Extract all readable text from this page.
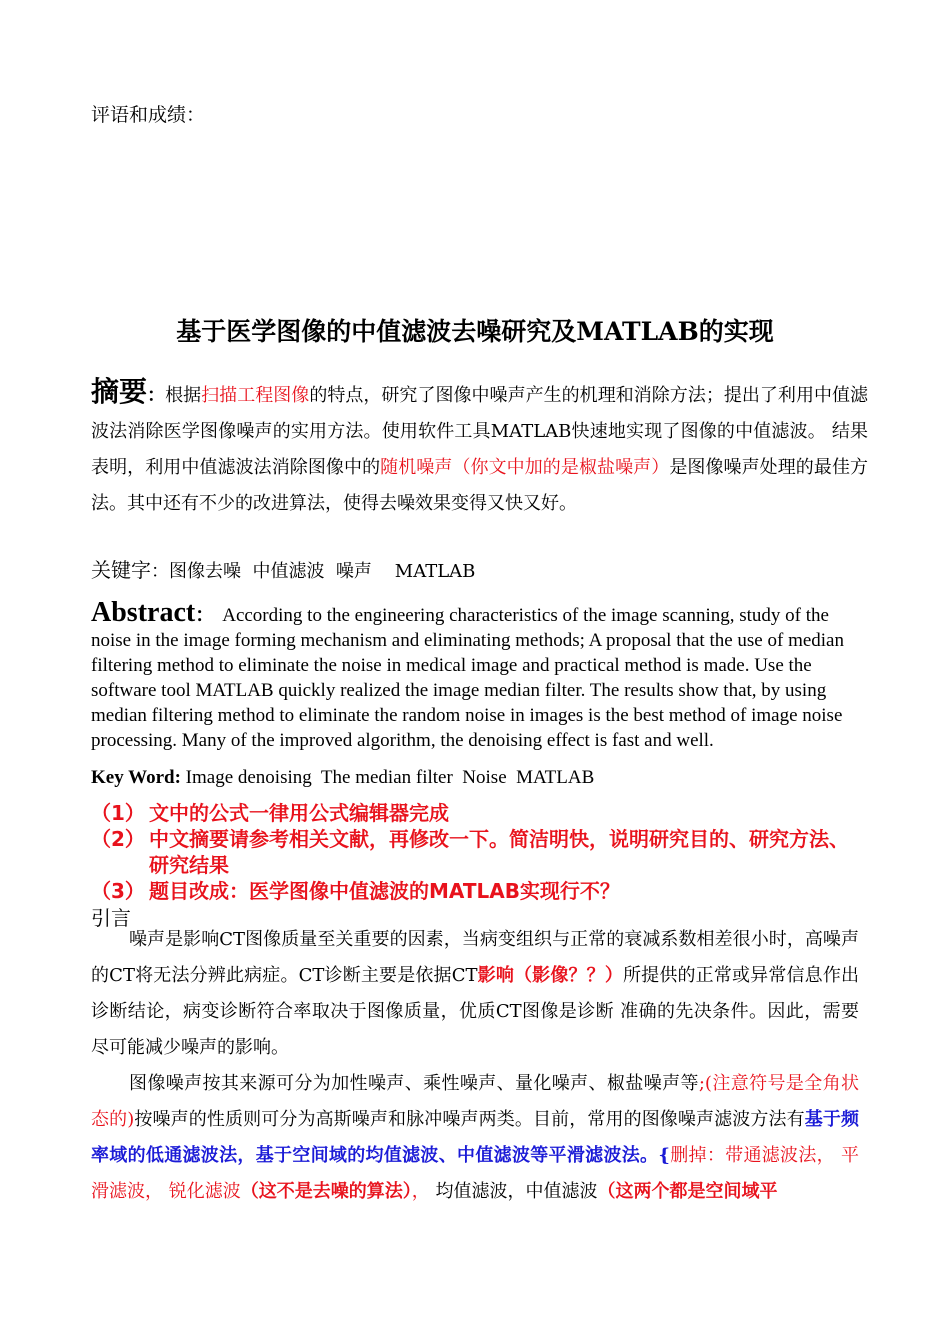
评语和成绩：
基于医学图像的中值滤波去噪研究及MATLAB的实现
摘要：根据扫描工程图像的特点，研究了图像中噪声产生的机理和消除方法；提出了利用中值滤波法消除医学图像噪声的实用方法。使用软件工具MATLAB快速地实现了图像的中值滤波。 结果表明，利用中值滤波法消除图像中的随机噪声（你文中加的是椒盐噪声）是图像噪声处理的最佳方法。其中还有不少的改进算法，使得去噪效果变得又快又好。
关键字：图像去噪  中值滤波  噪声    MATLAB
Abstract： According to the engineering characteristics of the image scanning, study of the noise in the image forming mechanism and eliminating methods; A proposal that the use of median filtering method to eliminate the noise in medical image and practical method is made. Use the software tool MATLAB quickly realized the image median filter. The results show that, by using median filtering method to eliminate the random noise in images is the best method of image noise processing. Many of the improved algorithm, the denoising effect is fast and well.
Key Word: Image denoising  The median filter  Noise  MATLAB
（1） 文中的公式一律用公式编辑器完成
（2） 中文摘要请参考相关文献，再修改一下。简洁明快，说明研究目的、研究方法、研究结果
（3） 题目改成：医学图像中值滤波的MATLAB实现行不？
引言
噪声是影响CT图像质量至关重要的因素，当病变组织与正常的衰减系数相差很小时，高噪声的CT将无法分辨此病症。CT诊断主要是依据CT影响（影像？？）所提供的正常或异常信息作出诊断结论，病变诊断符合率取决于图像质量，优质CT图像是诊断 准确的先决条件。因此，需要尽可能减少噪声的影响。
图像噪声按其来源可分为加性噪声、乘性噪声、量化噪声、椒盐噪声等;(注意符号是全角状态的)按噪声的性质则可分为高斯噪声和脉冲噪声两类。目前，常用的图像噪声滤波方法有基于频率域的低通滤波法，基于空间域的均值滤波、中值滤波等平滑滤波法。{删掉：带通滤波法， 平滑滤波， 锐化滤波（这不是去噪的算法）， 均值滤波，中值滤波（这两个都是空间域平
